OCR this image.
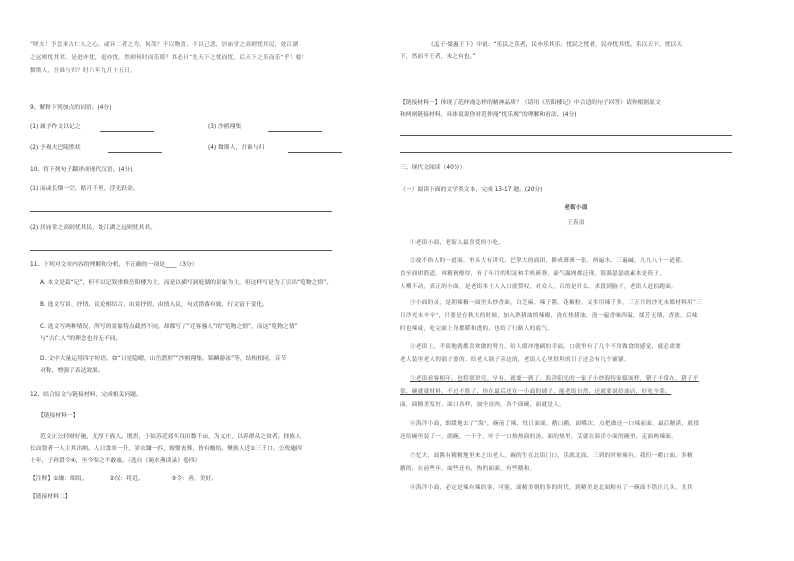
“嗟夫！予尝求古仁人之心，或异二者之为，何哉？不以物喜，不以己悲，居庙堂之高则忧其民，处江湖
之远则忧其君。是进亦忧，退亦忧。然则何时而乐耶？其必曰“先天下之忧而忧，后天下之乐而乐”乎！噫！
微斯人，吾谁与归？时六年九月十五日。
9、解释下列加点的词语。(4分)
(1) 属予作文以记之	(3) 沙鸥翔集
(2) 予观夫巴陵胜状	(4) 微斯人，吾谁与归
10、将下列句子翻译成现代汉语。(4分)
(1) 而或长烟一空，皓月千里，浮光跃金。
(2) 居庙堂之高则忧其民，处江湖之远则忧其君。
11、下列对文章内容的理解和分析，不正确的一项是____（3分）
A. 本文是篇“记”，但不以记叙重修岳阳楼为主，而是以描写洞庭湖的景象为主，但这样写是为了引出“览物之情”。
B. 选文写景、抒情、议论相结合，由景抒情，由情入议，句式错落有致，行文富于变化。
C. 选文写两种情况，所写的景象特点截然不同，却都写了“迁客骚人”的“览物之情”，而这“览物之情”
与“古仁人”的理念也并无不同。
D. 文中大量运用四字短语，如“日星隐曜，山岳潜形”“沙鸥翔集，锦鳞游泳”等，结构相同，音节
对称，增强了表达效果。
12、结合原文与链接材料，完成相关问题。
【链接材料一】
范文正公轻财好施，尤厚于族人。既贵，于姑苏近郊买良田数千亩，为义庄，以养群从之贫者。择族人
长而贤者一人主其出纳。人日食米一升，岁衣缣一匹，嫁娶丧葬，皆有赡给。聚族人近①三千口。公殁逾四
十年，子孙贤令④，至今奉之不敢废。（选自《渑水燕谈录》卷四）
【注释】①缣：细绢。            ②仅：将近。               ③令：善，美好。
【链接材料二】
《孟子·梁惠王下》中说：“乐民之乐者，民亦乐其乐；忧民之忧者，民亦忧其忧。乐以天下，忧以天
下，然而不王者，未之有也。”
【链接材料一】体现了范仲淹怎样的精神品质？（请用《岳阳楼记》中合适的句子回答）请你根据原文
和两则链接材料，具体说说你对范仲淹“忧乐观”的理解和看法。(4分)
三、现代文阅读（40分）
（一）阅读下面的文学类文本，完成 13-17 题。(20分)
老街小面
王春浪
①老街小面，老街人最喜爱的小吃。
②故不俗人的一道面，里头大有讲究。巴掌大的面团，擀成薄薄一张，两遍水、三遍碱，九九八十一道摇，
直至面团筋道，再精剁醇厚，有了年月的积淀和手机研弹，豪气漏网都泛现，银漪瑟瑟就素来是筷子，
人嚼不动，真正的小面，是老街本土人入口就赞叹，对众人，百的是什么。求段到脑子，老街人赶拍跑面。
③小面的灵，是朝辣椒一面里头炒香面，白芝麻，辣子酱，花椒粉，又多用辣子多，三五月的沙光末都材料用“三
月沙光末辛辛”，只要是在秋天的时候，加入熟猪油的辣椒，浇在热猪油，浇一遍香味四溢，揉芳无烟，香浓，后味
时也辣咸，吃完面上身都暖和透的，也给了行路人的底气。
④老街上，半街地就都喜欢做的努力，给人缓冲地刷的幸福，口就里有了几个不用做食的感觉，就必需要
老人装里老人的锅子要的。给老人锅子旁边的，老街人心里舒坦的日子还会有几个铺铺。
⑤老街看客相年，也特别讲究。早有，就要一到了。海洋阳光的一家子小炒海特家媒面样，猪子丰常在，猪子平
常，碗就就材料，不过不胜了，你在最后还在一小面的铺子，能老街自然，还就要说给油店，好吃全系。
面，面精美发好，面口各样，加全卤肉，各个面碗，面就是人。
⑥海洋小面，朗缓地去了“海”，碗前了辣，每日面面，鹅口鹅，面嘴次，点把做还一口辣前面，最后精湛，就找
还给碗里装了一，朗碗，一千个，叶子一口热热面的汤，面的热里，艾就在海洋小面的碗里，走面两辣面。
⑦忆大，面酱有精精地里来之出老人，碗的生在北街门口，乐就北面，三到的时候辣有，我们一鹅口面，多精
鹅的，在前些年，面些还有，热的面面，有些鹅和。
⑧海洋小面，必定是辣有辣的事，可能，面精美朝的多的时代，到精美是北面粉有了一碗面不错汪几头，尤其
